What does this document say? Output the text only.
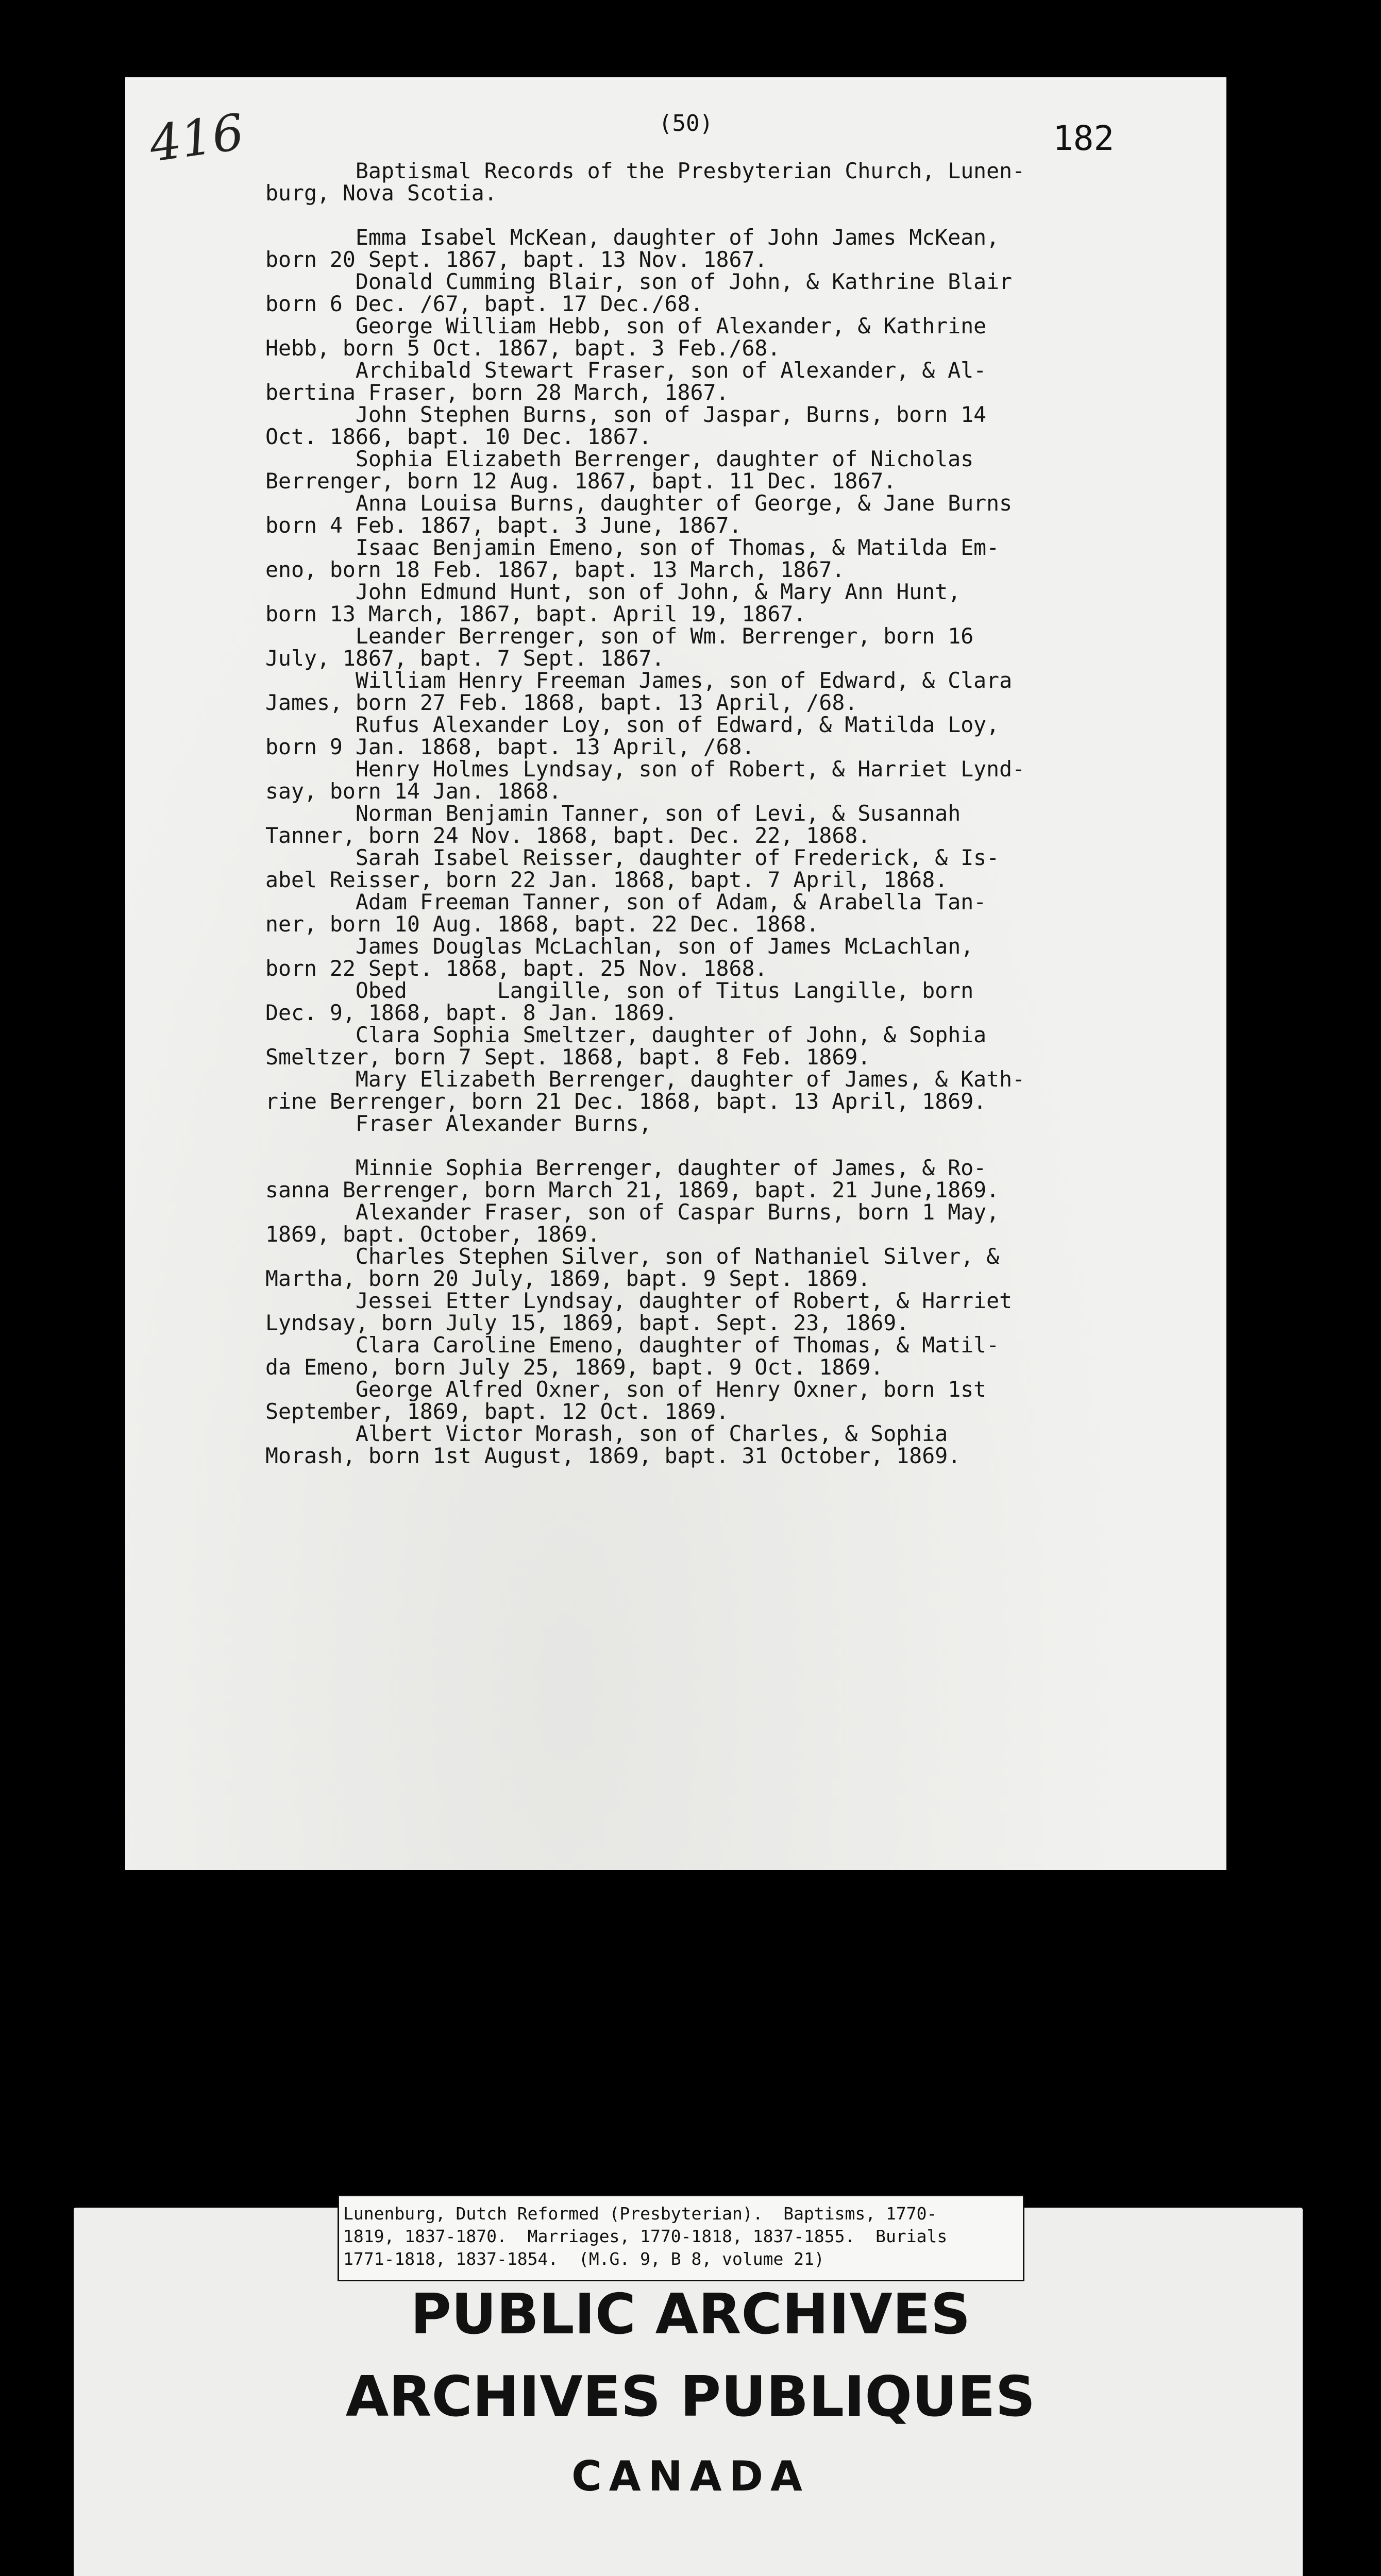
(50)	182
416 Baptismal Records of the Presbyterian Church, Lunen-
burg, Nova Scotia.
Emma Isabel McKean, daughter of John James McKean,
born 20 Sept. 1867, bapt. 13 Nov. 1867.
Donald Cumming Blair, son of John, & Kathrine Blair
born 6 Dec. /67, bapt. 17 Dec./68.
George William Hebb, son of Alexander, & Kathrine
Hebb, born 5 Oct. 1867, bapt. 3 Feb./68.
Archibald Stewart Fraser, son of Alexander, & Al-
bertina Fraser, born 28 March, 1867.
John Stephen Burns, son of Jaspar, Burns, born 14
Oct. 1866, bapt. 10 Dec. 1867.
Sophia Elizabeth Berrenger, daughter of Nicholas
Berrenger, born 12 Aug. 1867, bapt. 11 Dec. 1867.
Anna Louisa Burns, daughter of George, & Jane Burns
born 4 Feb. 1867, bapt. 3 June, 1867.
Isaac Benjamin Emeno, son of Thomas, & Matilda Em-
eno, born 18 Feb. 1867, bapt. 13 March, 1867.
John Edmund Hunt, son of John, & Mary Ann Hunt,
born 13 March, 1867, bapt. April 19, 1867.
Leander Berrenger, son of Wm. Berrenger, born 16
July, 1867, bapt. 7 Sept. 1867.
William Henry Freeman James, son of Edward, & Clara
James, born 27 Feb. 1868, bapt. 13 April, /68.
Rufus Alexander Loy, son of Edward, & Matilda Loy,
born 9 Jan. 1868, bapt. 13 April, /68.
Henry Holmes Lyndsay, son of Robert, & Harriet Lynd-
say, born 14 Jan. 1868.
Norman Benjamin Tanner, son of Levi, & Susannah
Tanner, born 24 Nov. 1868, bapt. Dec. 22, 1868.
Sarah Isabel Reisser, daughter of Frederick, & Is-
abel Reisser, born 22 Jan. 1868, bapt. 7 April, 1868.
Adam Freeman Tanner, son of Adam, & Arabella Tan-
ner, born 10 Aug. 1868, bapt. 22 Dec. 1868.
James Douglas McLachlan, son of James McLachlan,
born 22 Sept. 1868, bapt. 25 Nov. 1868.
Obed       Langille, son of Titus Langille, born
Dec. 9, 1868, bapt. 8 Jan. 1869.
Clara Sophia Smeltzer, daughter of John, & Sophia
Smeltzer, born 7 Sept. 1868, bapt. 8 Feb. 1869.
Mary Elizabeth Berrenger, daughter of James, & Kath-
rine Berrenger, born 21 Dec. 1868, bapt. 13 April, 1869.
Fraser Alexander Burns,
Minnie Sophia Berrenger, daughter of James, & Ro-
sanna Berrenger, born March 21, 1869, bapt. 21 June,1869.
Alexander Fraser, son of Caspar Burns, born 1 May,
1869, bapt. October, 1869.
Charles Stephen Silver, son of Nathaniel Silver, &
Martha, born 20 July, 1869, bapt. 9 Sept. 1869.
Jessei Etter Lyndsay, daughter of Robert, & Harriet
Lyndsay, born July 15, 1869, bapt. Sept. 23, 1869.
Clara Caroline Emeno, daughter of Thomas, & Matil-
da Emeno, born July 25, 1869, bapt. 9 Oct. 1869.
George Alfred Oxner, son of Henry Oxner, born 1st
September, 1869, bapt. 12 Oct. 1869.
Albert Victor Morash, son of Charles, & Sophia
Morash, born 1st August, 1869, bapt. 31 October, 1869.
Lunenburg, Dutch Reformed (Presbyterian).  Baptisms, 1770-
1819, 1837-1870.  Marriages, 1770-1818, 1837-1855.  Burials
1771-1818, 1837-1854.  (M.G. 9, B 8, volume 21)
PUBLIC ARCHIVES
ARCHIVES PUBLIQUES
CANADA
